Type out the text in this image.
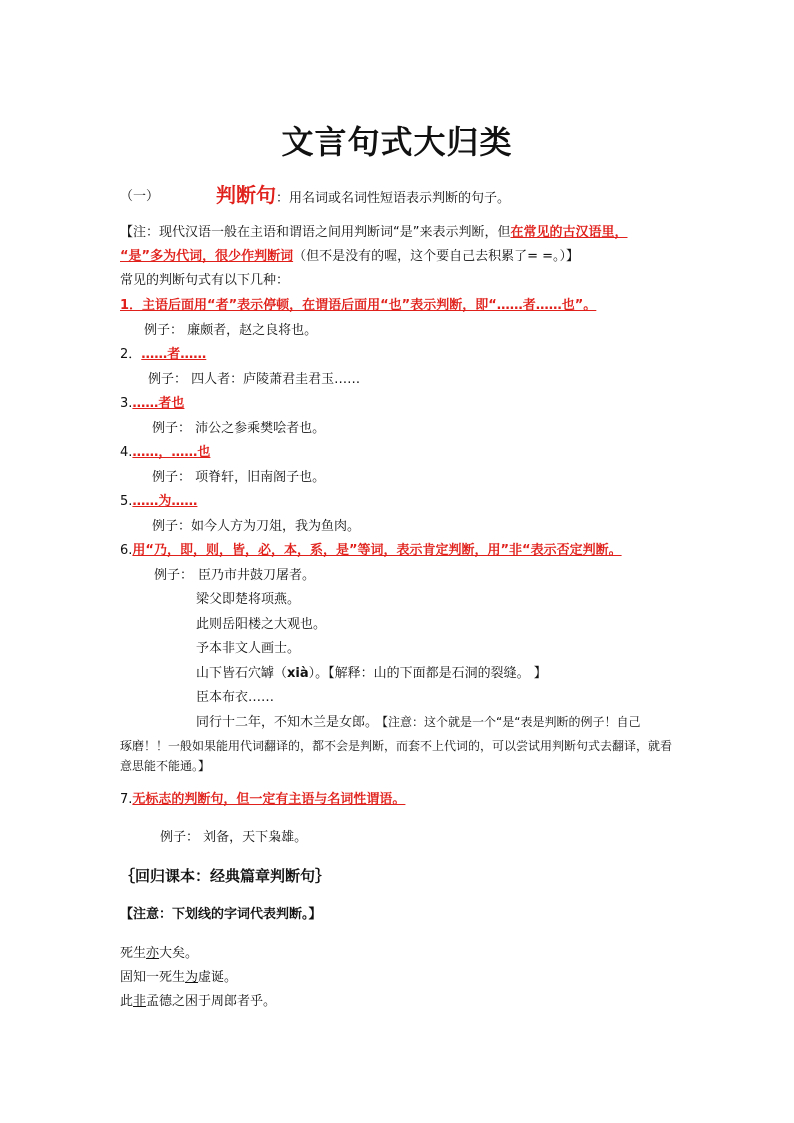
文言句式大归类
（一）	判断句：用名词或名词性短语表示判断的句子。
【注：现代汉语一般在主语和谓语之间用判断词“是”来表示判断，但在常见的古汉语里，
“是”多为代词，很少作判断词（但不是没有的喔，这个要自己去积累了= =。）】
常见的判断句式有以下几种：
1．主语后面用“者”表示停顿，在谓语后面用“也”表示判断，即“……者……也”。
例子： 廉颇者，赵之良将也。
2．……者……
例子： 四人者：庐陵萧君圭君玉……
3.……者也
例子： 沛公之参乘樊哙者也。
4.……，……也
例子： 项脊轩，旧南阁子也。
5.……为……
例子：如今人方为刀俎，我为鱼肉。
6.用“乃，即，则，皆，必，本，系，是”等词，表示肯定判断，用”非“表示否定判断。
例子： 臣乃市井鼓刀屠者。
梁父即楚将项燕。
此则岳阳楼之大观也。
予本非文人画士。
山下皆石穴罅（xià）。【解释：山的下面都是石洞的裂缝。 】
臣本布衣……
同行十二年，不知木兰是女郎。 【注意：这个就是一个“是“表是判断的例子！自己
琢磨！！一般如果能用代词翻译的，都不会是判断，而套不上代词的，可以尝试用判断句式去翻译，就看
意思能不能通。】
7.无标志的判断句，但一定有主语与名词性谓语。
例子： 刘备，天下枭雄。
｛回归课本：经典篇章判断句｝
【注意：下划线的字词代表判断。】
死生亦大矣。
固知一死生为虚诞。
此非孟德之困于周郎者乎。
